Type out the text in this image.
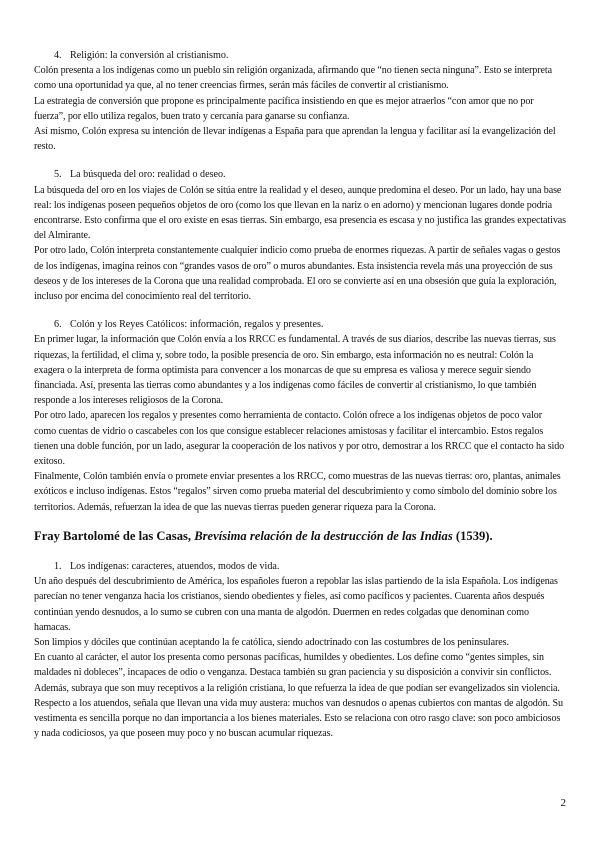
4. Religión: la conversión al cristianismo.

Colón presenta a los indígenas como un pueblo sin religión organizada, afirmando que “no tienen secta ninguna”. Esto se interpreta como una oportunidad ya que, al no tener creencias firmes, serán más fáciles de convertir al cristianismo.

La estrategia de conversión que propone es principalmente pacífica insistiendo en que es mejor atraerlos “con amor que no por fuerza”, por ello utiliza regalos, buen trato y cercanía para ganarse su confianza.

Así mismo, Colón expresa su intención de llevar indígenas a España para que aprendan la lengua y facilitar así la evangelización del resto.

5. La búsqueda del oro: realidad o deseo.

La búsqueda del oro en los viajes de Colón se sitúa entre la realidad y el deseo, aunque predomina el deseo. Por un lado, hay una base real: los indígenas poseen pequeños objetos de oro (como los que llevan en la nariz o en adorno) y mencionan lugares donde podría encontrarse. Esto confirma que el oro existe en esas tierras. Sin embargo, esa presencia es escasa y no justifica las grandes expectativas del Almirante.

Por otro lado, Colón interpreta constantemente cualquier indicio como prueba de enormes riquezas. A partir de señales vagas o gestos de los indígenas, imagina reinos con “grandes vasos de oro” o muros abundantes. Esta insistencia revela más una proyección de sus deseos y de los intereses de la Corona que una realidad comprobada. El oro se convierte así en una obsesión que guía la exploración, incluso por encima del conocimiento real del territorio.

6. Colón y los Reyes Católicos: información, regalos y presentes.

En primer lugar, la información que Colón envía a los RRCC es fundamental. A través de sus diarios, describe las nuevas tierras, sus riquezas, la fertilidad, el clima y, sobre todo, la posible presencia de oro. Sin embargo, esta información no es neutral: Colón la exagera o la interpreta de forma optimista para convencer a los monarcas de que su empresa es valiosa y merece seguir siendo financiada. Así, presenta las tierras como abundantes y a los indígenas como fáciles de convertir al cristianismo, lo que también responde a los intereses religiosos de la Corona.

Por otro lado, aparecen los regalos y presentes como herramienta de contacto. Colón ofrece a los indígenas objetos de poco valor como cuentas de vidrio o cascabeles con los que consigue establecer relaciones amistosas y facilitar el intercambio. Estos regalos tienen una doble función, por un lado, asegurar la cooperación de los nativos y por otro, demostrar a los RRCC que el contacto ha sido exitoso.

Finalmente, Colón también envía o promete enviar presentes a los RRCC, como muestras de las nuevas tierras: oro, plantas, animales exóticos e incluso indígenas. Estos “regalos” sirven como prueba material del descubrimiento y como símbolo del dominio sobre los territorios. Además, refuerzan la idea de que las nuevas tierras pueden generar riqueza para la Corona.

Fray Bartolomé de las Casas, Brevísima relación de la destrucción de las Indias (1539).

1. Los indígenas: caracteres, atuendos, modos de vida.

Un año después del descubrimiento de América, los españoles fueron a repoblar las islas partiendo de la isla Española. Los indígenas parecían no tener venganza hacia los cristianos, siendo obedientes y fieles, así como pacíficos y pacientes. Cuarenta años después continúan yendo desnudos, a lo sumo se cubren con una manta de algodón. Duermen en redes colgadas que denominan como hamacas.

Son limpios y dóciles que continúan aceptando la fe católica, siendo adoctrinado con las costumbres de los peninsulares.

En cuanto al carácter, el autor los presenta como personas pacíficas, humildes y obedientes. Los define como “gentes simples, sin maldades ni dobleces”, incapaces de odio o venganza. Destaca también su gran paciencia y su disposición a convivir sin conflictos. Además, subraya que son muy receptivos a la religión cristiana, lo que refuerza la idea de que podían ser evangelizados sin violencia.

Respecto a los atuendos, señala que llevan una vida muy austera: muchos van desnudos o apenas cubiertos con mantas de algodón. Su vestimenta es sencilla porque no dan importancia a los bienes materiales. Esto se relaciona con otro rasgo clave: son poco ambiciosos y nada codiciosos, ya que poseen muy poco y no buscan acumular riquezas.

2
